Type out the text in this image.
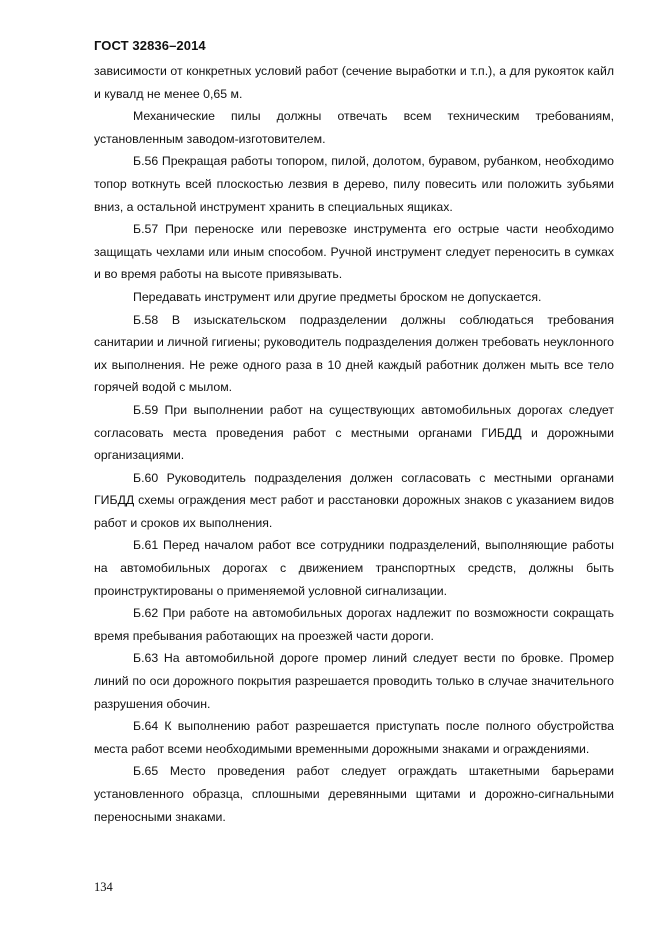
ГОСТ 32836–2014

зависимости от конкретных условий работ (сечение выработки и т.п.), а для рукояток кайл и кувалд не менее 0,65 м.

Механические пилы должны отвечать всем техническим требованиям, установленным заводом-изготовителем.

Б.56 Прекращая работы топором, пилой, долотом, буравом, рубанком, необходимо топор воткнуть всей плоскостью лезвия в дерево, пилу повесить или положить зубьями вниз, а остальной инструмент хранить в специальных ящиках.

Б.57 При переноске или перевозке инструмента его острые части необходимо защищать чехлами или иным способом. Ручной инструмент следует переносить в сумках и во время работы на высоте привязывать.

Передавать инструмент или другие предметы броском не допускается.

Б.58 В изыскательском подразделении должны соблюдаться требования санитарии и личной гигиены; руководитель подразделения должен требовать неуклонного их выполнения. Не реже одного раза в 10 дней каждый работник должен мыть все тело горячей водой с мылом.

Б.59 При выполнении работ на существующих автомобильных дорогах следует согласовать места проведения работ с местными органами ГИБДД и дорожными организациями.

Б.60 Руководитель подразделения должен согласовать с местными органами ГИБДД схемы ограждения мест работ и расстановки дорожных знаков с указанием видов работ и сроков их выполнения.

Б.61 Перед началом работ все сотрудники подразделений, выполняющие работы на автомобильных дорогах с движением транспортных средств, должны быть проинструктированы о применяемой условной сигнализации.

Б.62 При работе на автомобильных дорогах надлежит по возможности сокращать время пребывания работающих на проезжей части дороги.

Б.63 На автомобильной дороге промер линий следует вести по бровке. Промер линий по оси дорожного покрытия разрешается проводить только в случае значительного разрушения обочин.

Б.64 К выполнению работ разрешается приступать после полного обустройства места работ всеми необходимыми временными дорожными знаками и ограждениями.

Б.65 Место проведения работ следует ограждать штакетными барьерами установленного образца, сплошными деревянными щитами и дорожно-сигнальными переносными знаками.

134
